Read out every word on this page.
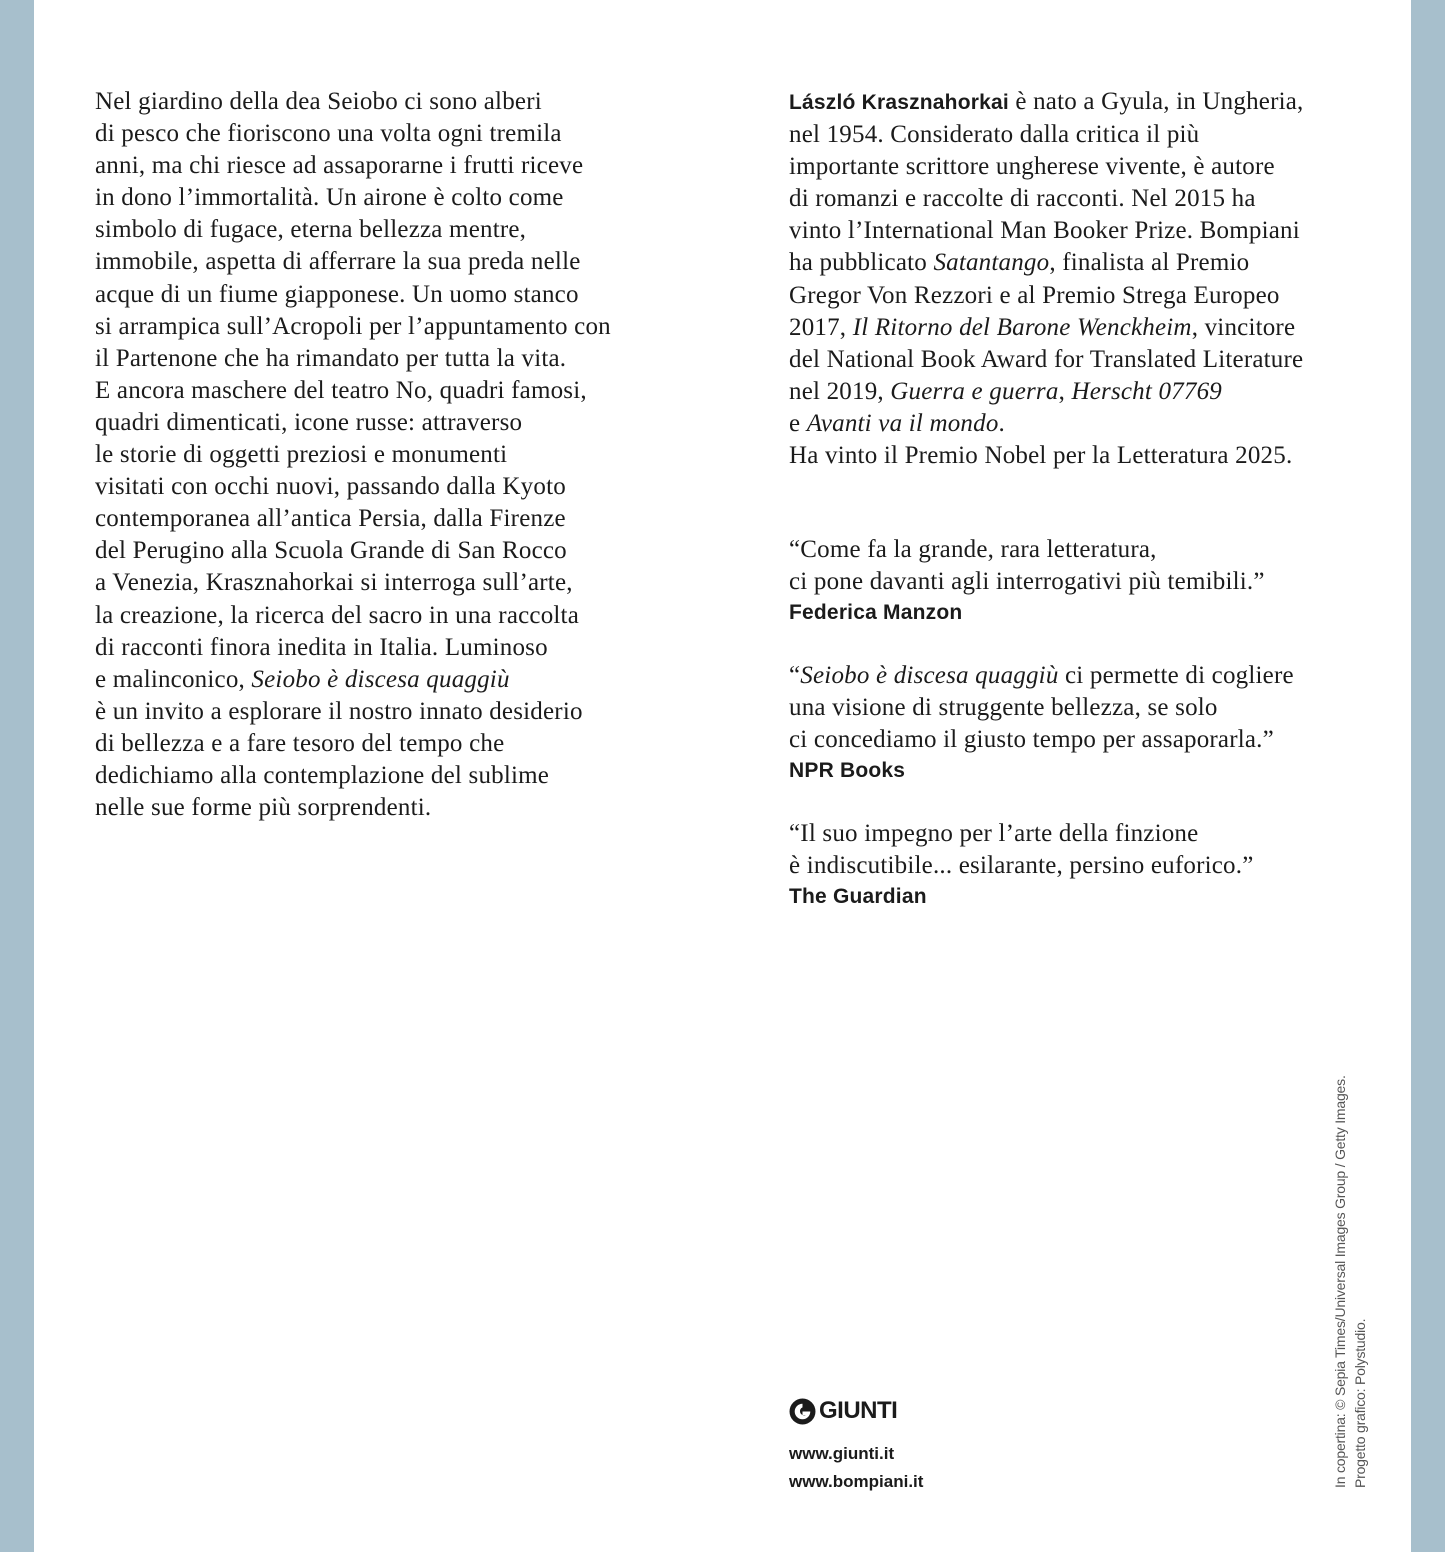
Nel giardino della dea Seiobo ci sono alberi
di pesco che fioriscono una volta ogni tremila
anni, ma chi riesce ad assaporarne i frutti riceve
in dono l’immortalità. Un airone è colto come
simbolo di fugace, eterna bellezza mentre,
immobile, aspetta di afferrare la sua preda nelle
acque di un fiume giapponese. Un uomo stanco
si arrampica sull’Acropoli per l’appuntamento con
il Partenone che ha rimandato per tutta la vita.
E ancora maschere del teatro No, quadri famosi,
quadri dimenticati, icone russe: attraverso
le storie di oggetti preziosi e monumenti
visitati con occhi nuovi, passando dalla Kyoto
contemporanea all’antica Persia, dalla Firenze
del Perugino alla Scuola Grande di San Rocco
a Venezia, Krasznahorkai si interroga sull’arte,
la creazione, la ricerca del sacro in una raccolta
di racconti finora inedita in Italia. Luminoso
e malinconico, Seiobo è discesa quaggiù
è un invito a esplorare il nostro innato desiderio
di bellezza e a fare tesoro del tempo che
dedichiamo alla contemplazione del sublime
nelle sue forme più sorprendenti.
László Krasznahorkai è nato a Gyula, in Ungheria,
nel 1954. Considerato dalla critica il più
importante scrittore ungherese vivente, è autore
di romanzi e raccolte di racconti. Nel 2015 ha
vinto l’International Man Booker Prize. Bompiani
ha pubblicato Satantango, finalista al Premio
Gregor Von Rezzori e al Premio Strega Europeo
2017, Il Ritorno del Barone Wenckheim, vincitore
del National Book Award for Translated Literature
nel 2019, Guerra e guerra, Herscht 07769
e Avanti va il mondo.
Ha vinto il Premio Nobel per la Letteratura 2025.
“Come fa la grande, rara letteratura,
ci pone davanti agli interrogativi più temibili.”
Federica Manzon
“Seiobo è discesa quaggiù ci permette di cogliere
una visione di struggente bellezza, se solo
ci concediamo il giusto tempo per assaporarla.”
NPR Books
“Il suo impegno per l’arte della finzione
è indiscutibile... esilarante, persino euforico.”
The Guardian
GIUNTI
www.giunti.it
www.bompiani.it	In copertina: © Sepia Times/Universal Images Group / Getty Images. Progetto grafico: Polystudio.
